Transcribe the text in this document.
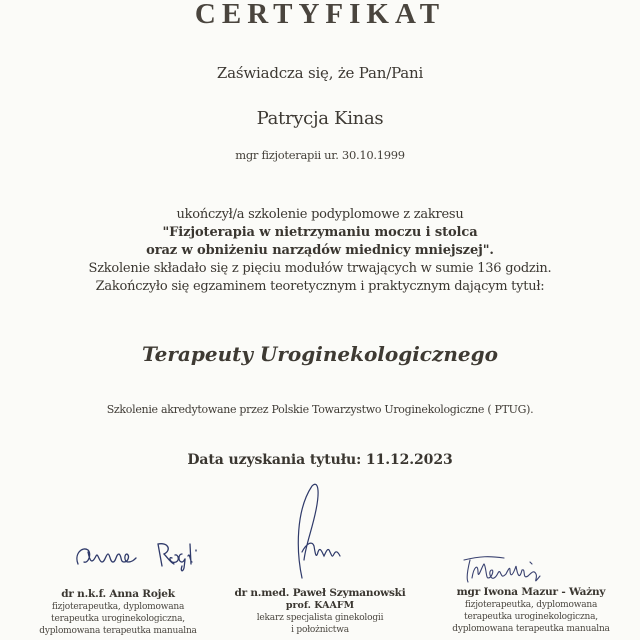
CERTYFIKAT
Zaświadcza się, że Pan/Pani
Patrycja Kinas
mgr fizjoterapii ur. 30.10.1999
ukończył/a szkolenie podyplomowe z zakresu
"Fizjoterapia w nietrzymaniu moczu i stolca
oraz w obniżeniu narządów miednicy mniejszej".
Szkolenie składało się z pięciu modułów trwających w sumie 136 godzin.
Zakończyło się egzaminem teoretycznym i praktycznym dającym tytuł:
Terapeuty Uroginekologicznego
Szkolenie akredytowane przez Polskie Towarzystwo Uroginekologiczne ( PTUG).
Data uzyskania tytułu: 11.12.2023
dr n.k.f. Anna Rojek
fizjoterapeutka, dyplomowana
terapeutka uroginekologiczna,
dyplomowana terapeutka manualna
dr n.med. Paweł Szymanowski
prof. KAAFM
lekarz specjalista ginekologii
i położnictwa
mgr Iwona Mazur - Ważny
fizjoterapeutka, dyplomowana
terapeutka uroginekologiczna,
dyplomowana terapeutka manualna
